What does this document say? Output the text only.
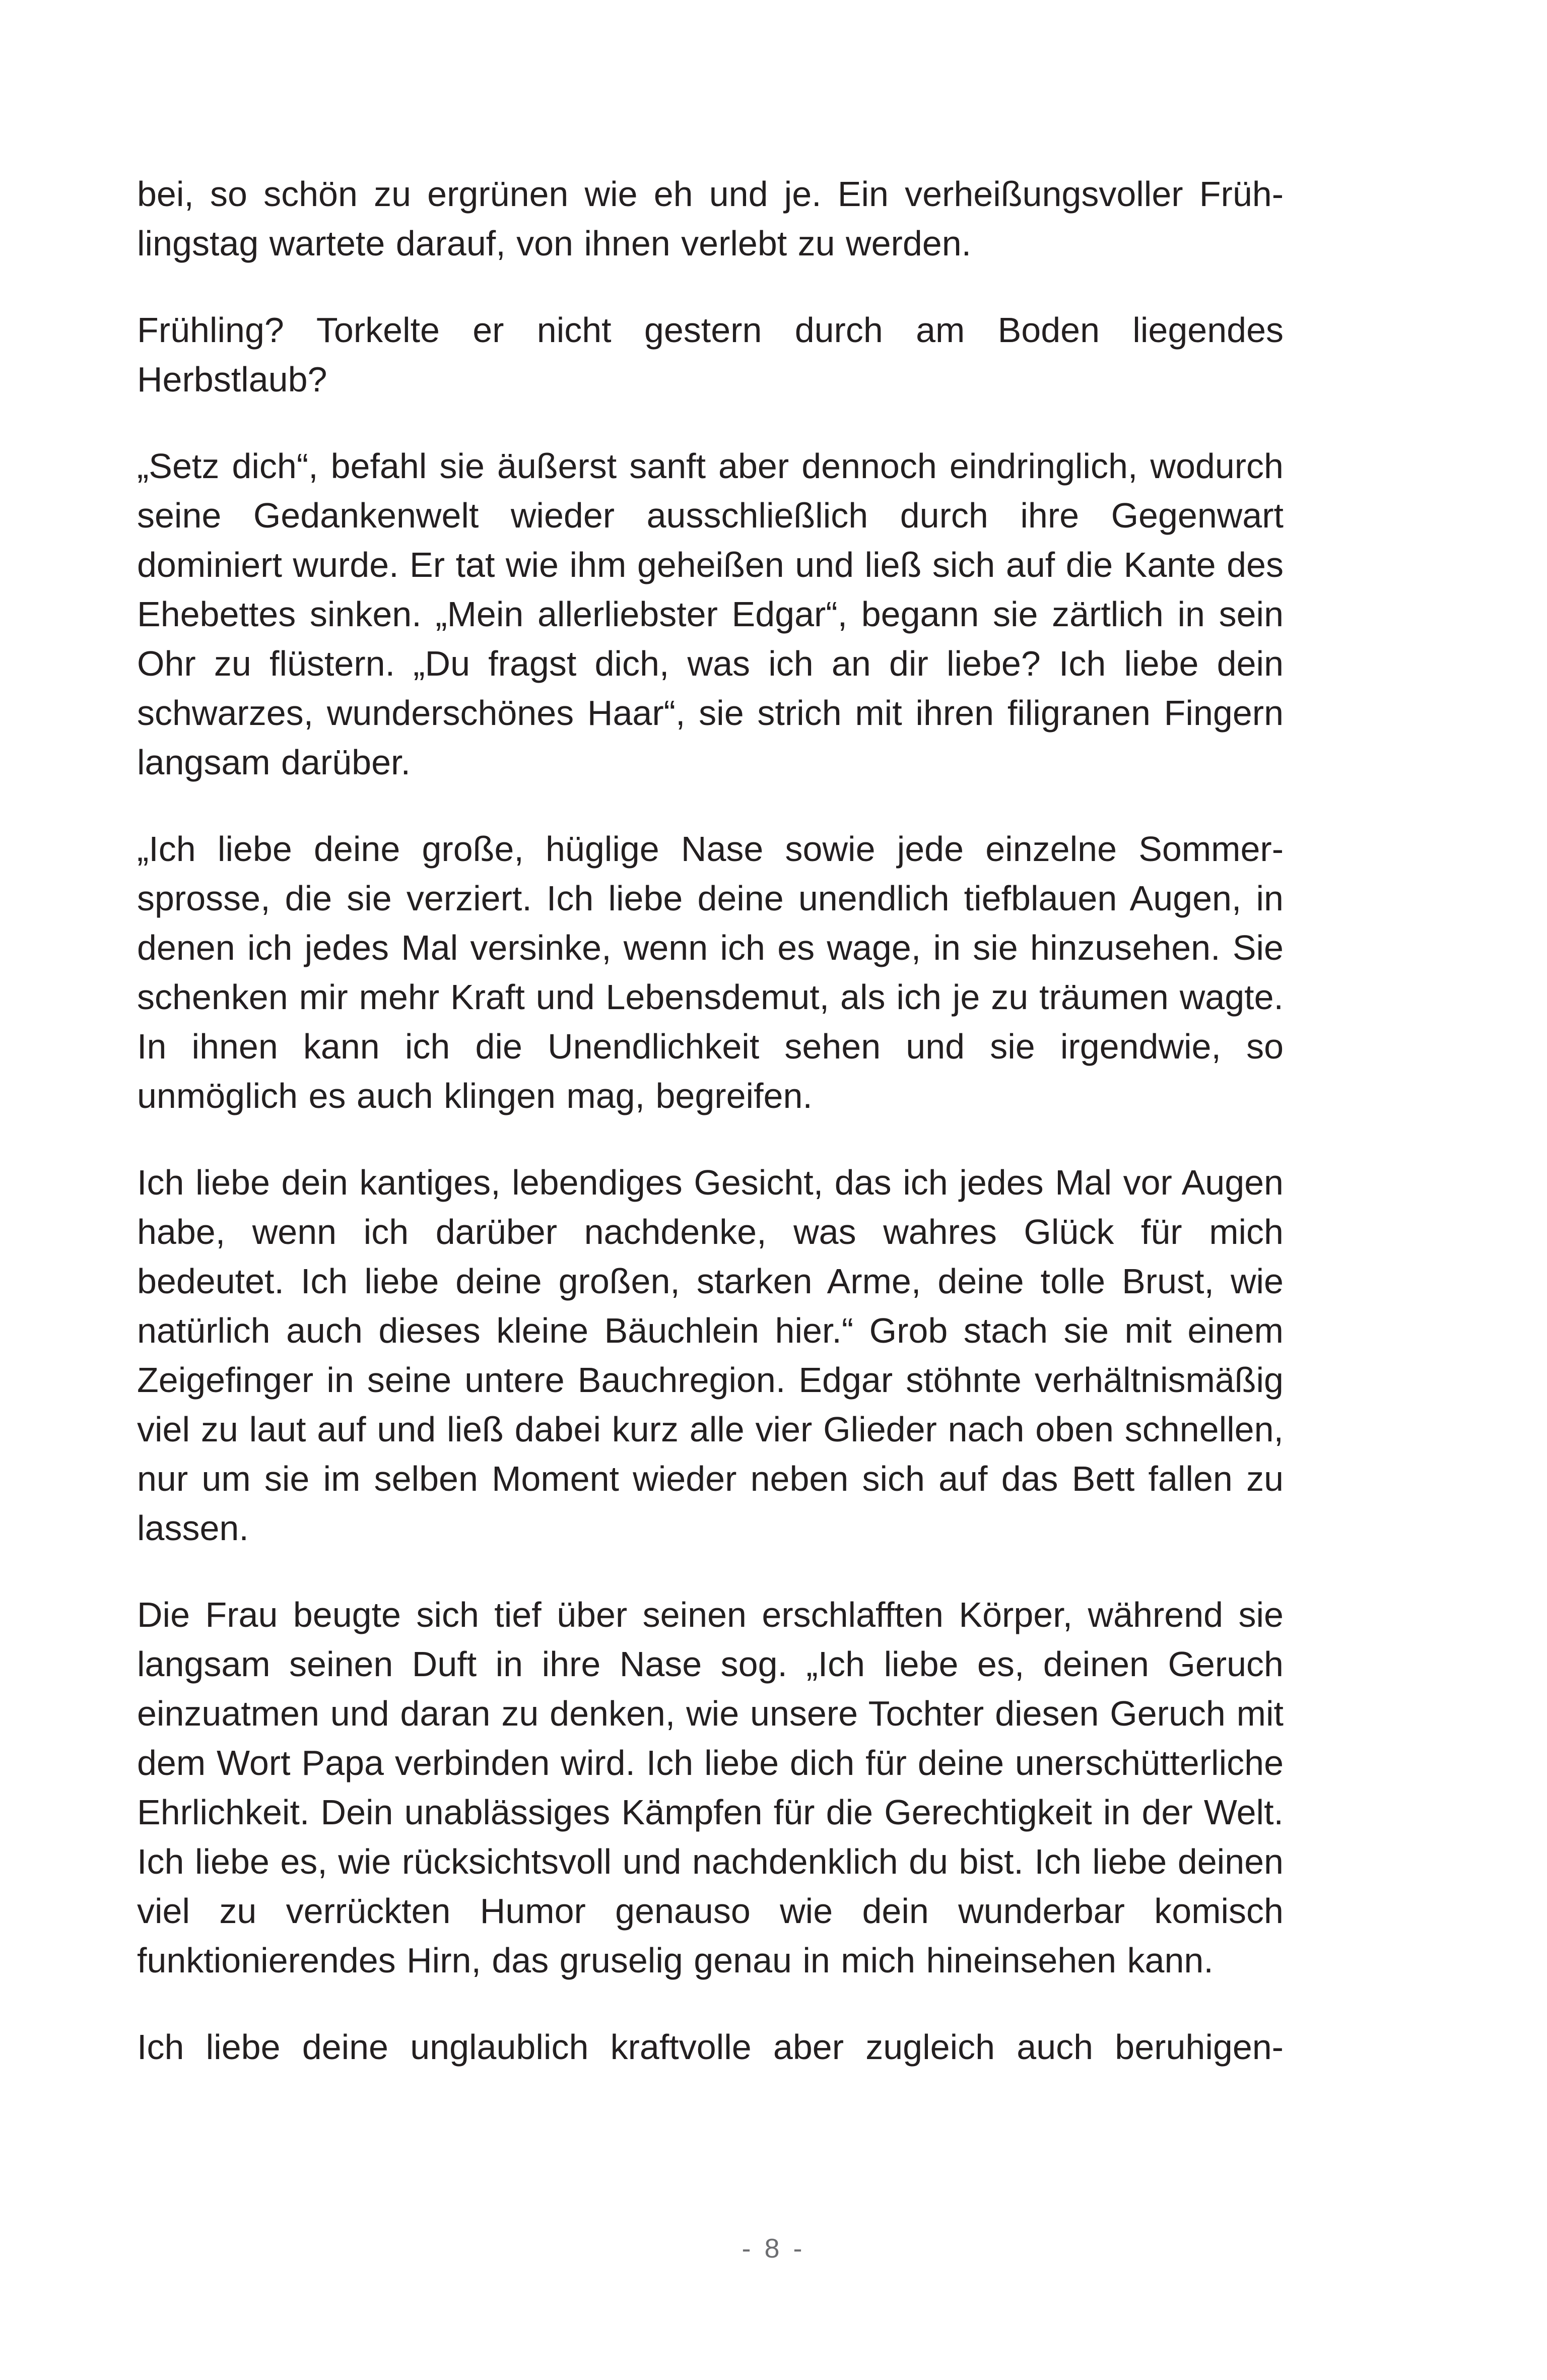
bei, so schön zu ergrünen wie eh und je. Ein verheißungsvoller Frühlingstag wartete darauf, von ihnen verlebt zu werden.

Frühling? Torkelte er nicht gestern durch am Boden liegendes Herbstlaub?

„Setz dich“, befahl sie äußerst sanft aber dennoch eindringlich, wodurch seine Gedankenwelt wieder ausschließlich durch ihre Gegenwart dominiert wurde. Er tat wie ihm geheißen und ließ sich auf die Kante des Ehebettes sinken. „Mein allerliebster Edgar“, begann sie zärtlich in sein Ohr zu flüstern. „Du fragst dich, was ich an dir liebe? Ich liebe dein schwarzes, wunderschönes Haar“, sie strich mit ihren filigranen Fingern langsam darüber.

„Ich liebe deine große, hüglige Nase sowie jede einzelne Sommersprosse, die sie verziert. Ich liebe deine unendlich tiefblauen Augen, in denen ich jedes Mal versinke, wenn ich es wage, in sie hinzusehen. Sie schenken mir mehr Kraft und Lebensdemut, als ich je zu träumen wagte. In ihnen kann ich die Unendlichkeit sehen und sie irgendwie, so unmöglich es auch klingen mag, begreifen.

Ich liebe dein kantiges, lebendiges Gesicht, das ich jedes Mal vor Augen habe, wenn ich darüber nachdenke, was wahres Glück für mich bedeutet. Ich liebe deine großen, starken Arme, deine tolle Brust, wie natürlich auch dieses kleine Bäuchlein hier.“ Grob stach sie mit einem Zeigefinger in seine untere Bauchregion. Edgar stöhnte verhältnismäßig viel zu laut auf und ließ dabei kurz alle vier Glieder nach oben schnellen, nur um sie im selben Moment wieder neben sich auf das Bett fallen zu lassen.

Die Frau beugte sich tief über seinen erschlafften Körper, während sie langsam seinen Duft in ihre Nase sog. „Ich liebe es, deinen Geruch einzuatmen und daran zu denken, wie unsere Tochter diesen Geruch mit dem Wort Papa verbinden wird. Ich liebe dich für deine unerschütterliche Ehrlichkeit. Dein unablässiges Kämpfen für die Gerechtigkeit in der Welt. Ich liebe es, wie rücksichtsvoll und nachdenklich du bist. Ich liebe deinen viel zu verrückten Humor genauso wie dein wunderbar komisch funktionierendes Hirn, das gruselig genau in mich hineinsehen kann.

Ich liebe deine unglaublich kraftvolle aber zugleich auch beruhigen-

- 8 -
